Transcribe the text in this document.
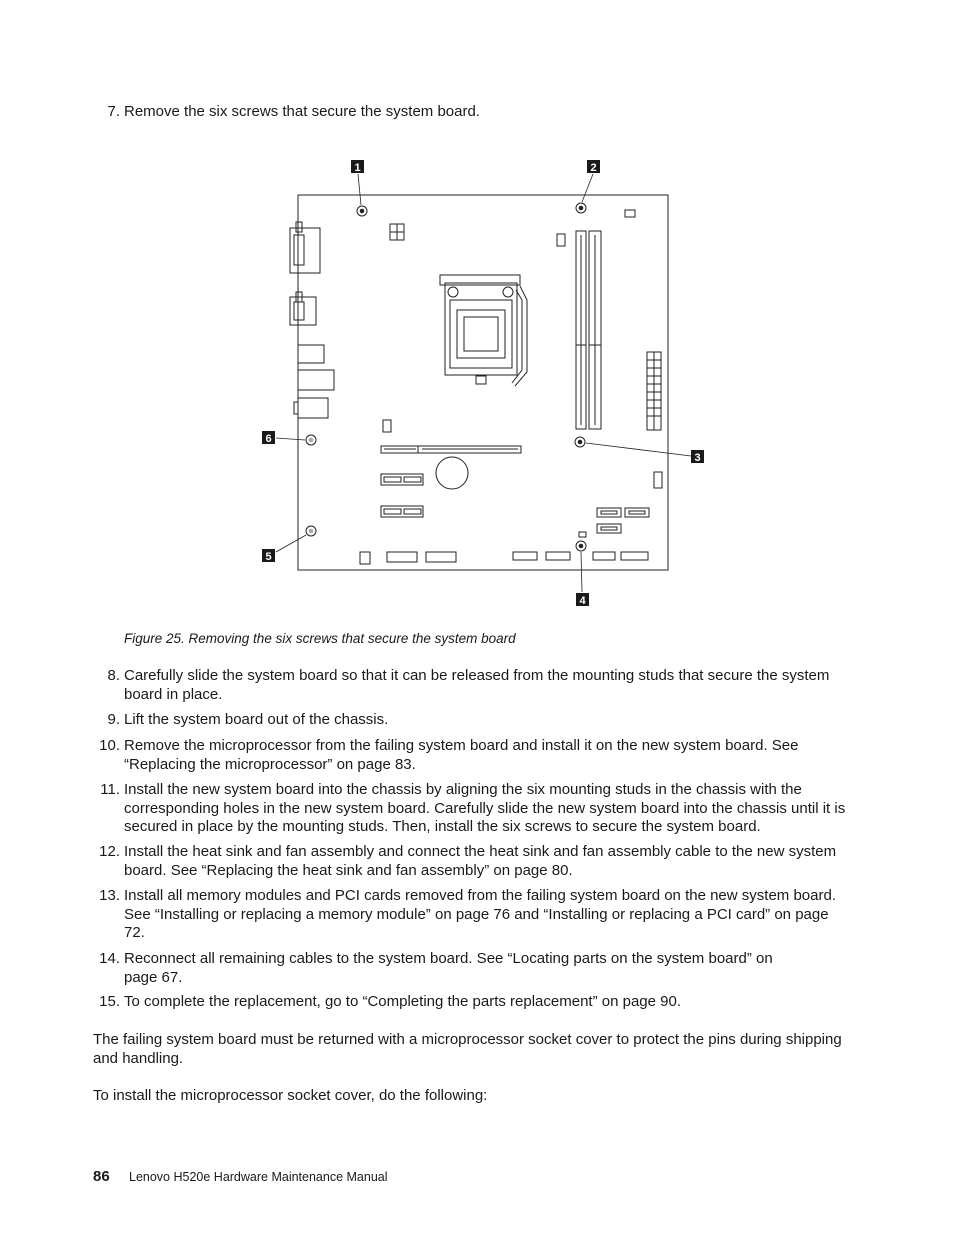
7. Remove the six screws that secure the system board.
1	2
3
4
5
6
Figure 25. Removing the six screws that secure the system board
8. Carefully slide the system board so that it can be released from the mounting studs that secure the system board in place.
9. Lift the system board out of the chassis.
10. Remove the microprocessor from the failing system board and install it on the new system board. See “Replacing the microprocessor” on page 83.
11. Install the new system board into the chassis by aligning the six mounting studs in the chassis with the corresponding holes in the new system board. Carefully slide the new system board into the chassis until it is secured in place by the mounting studs. Then, install the six screws to secure the system board.
12. Install the heat sink and fan assembly and connect the heat sink and fan assembly cable to the new system board. See “Replacing the heat sink and fan assembly” on page 80.
13. Install all memory modules and PCI cards removed from the failing system board on the new system board. See “Installing or replacing a memory module” on page 76 and “Installing or replacing a PCI card” on page 72.
14. Reconnect all remaining cables to the system board. See “Locating parts on the system board” on page 67.
15. To complete the replacement, go to “Completing the parts replacement” on page 90.
The failing system board must be returned with a microprocessor socket cover to protect the pins during shipping and handling.
To install the microprocessor socket cover, do the following:
86 Lenovo H520e Hardware Maintenance Manual
